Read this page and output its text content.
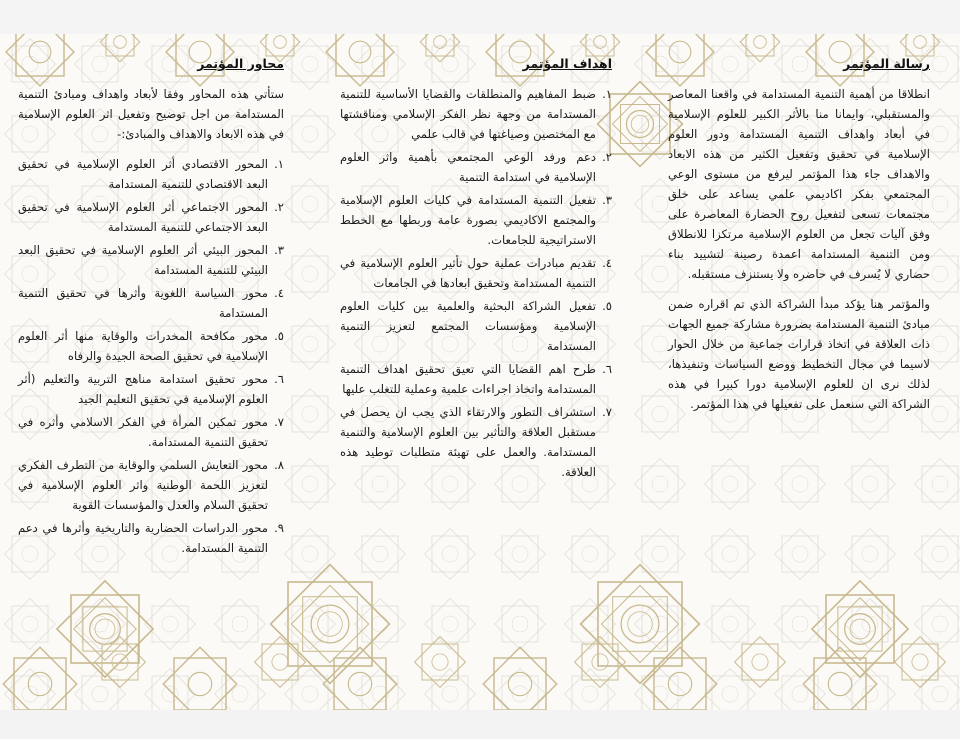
محاور المؤتمر

ستأتي هذه المحاور وفقا لأبعاد واهداف ومبادئ التنمية المستدامة من اجل توضيح وتفعيل اثر العلوم الإسلامية في هذه الابعاد والاهداف والمبادئ:-

١.
المحور الاقتصادي أثر العلوم الإسلامية في تحقيق البعد الاقتصادي للتنمية المستدامة
٢.
المحور الاجتماعي أثر العلوم الإسلامية في تحقيق البعد الاجتماعي للتنمية المستدامة
٣.
المحور البيئي أثر العلوم الإسلامية في تحقيق البعد البيئي للتنمية المستدامة
٤.
محور السياسة اللغوية وأثرها في تحقيق التنمية المستدامة
٥.
محور مكافحة المخدرات والوقاية منها أثر العلوم الإسلامية في تحقيق الصحة الجيدة والرفاه
٦.
محور تحقيق استدامة مناهج التربية والتعليم (أثر العلوم الإسلامية في تحقيق التعليم الجيد
٧.
محور تمكين المرأة في الفكر الاسلامي وأثره في تحقيق التنمية المستدامة.
٨.
محور التعايش السلمي والوقاية من التطرف الفكري لتعزيز اللحمة الوطنية واثر العلوم الإسلامية في تحقيق السلام والعدل والمؤسسات القوية
٩.
محور الدراسات الحضارية والتاريخية وأثرها في دعم التنمية المستدامة.
اهداف المؤتمر
١.
ضبط المفاهيم والمنطلقات والقضايا الأساسية للتنمية المستدامة من وجهة نظر الفكر الإسلامي ومناقشتها مع المختصين وصياغتها في قالب علمي
٢.
دعم ورفد الوعي المجتمعي بأهمية واثر العلوم الإسلامية في استدامة التنمية
٣.
تفعيل التنمية المستدامة في كليات العلوم الإسلامية والمجتمع الاكاديمي بصورة عامة وربطها مع الخطط الاستراتيجية للجامعات.
٤.
تقديم مبادرات عملية حول تأثير العلوم الإسلامية في التنمية المستدامة وتحقيق ابعادها في الجامعات
٥.
تفعيل الشراكة البحثية والعلمية بين كليات العلوم الإسلامية ومؤسسات المجتمع لتعزيز التنمية المستدامة
٦.
طرح اهم القضايا التي تعيق تحقيق اهداف التنمية المستدامة واتخاذ اجراءات علمية وعملية للتغلب عليها
٧.
استشراف التطور والارتقاء الذي يجب ان يحصل في مستقبل العلاقة والتأثير بين العلوم الإسلامية والتنمية المستدامة. والعمل على تهيئة متطلبات توطيد هذه العلاقة.
رسالة المؤتمر

انطلاقا من أهمية التنمية المستدامة في واقعنا المعاصر والمستقبلي، وايمانا منا بالأثر الكبير للعلوم الإسلامية في أبعاد واهداف التنمية المستدامة ودور العلوم الإسلامية في تحقيق وتفعيل الكثير من هذه الابعاد والاهداف جاء هذا المؤتمر ليرفع من مستوى الوعي المجتمعي بفكر اكاديمي علمي يساعد على خلق مجتمعات تسعى لتفعيل روح الحضارة المعاصرة على وفق آليات تجعل من العلوم الإسلامية مرتكزا للانطلاق ومن التنمية المستدامة اعمدة رصينة لتشييد بناء حضاري لا يُسرف في حاضره ولا يستنزف مستقبله.

والمؤتمر هنا يؤكد مبدأ الشراكة الذي تم اقراره ضمن مبادئ التنمية المستدامة بضرورة مشاركة جميع الجهات ذات العلاقة في اتخاذ قرارات جماعية من خلال الحوار لاسيما في مجال التخطيط ووضع السياسات وتنفيذها، لذلك نرى ان للعلوم الإسلامية دورا كبيرا في هذه الشراكة التي سنعمل على تفعيلها في هذا المؤتمر.
